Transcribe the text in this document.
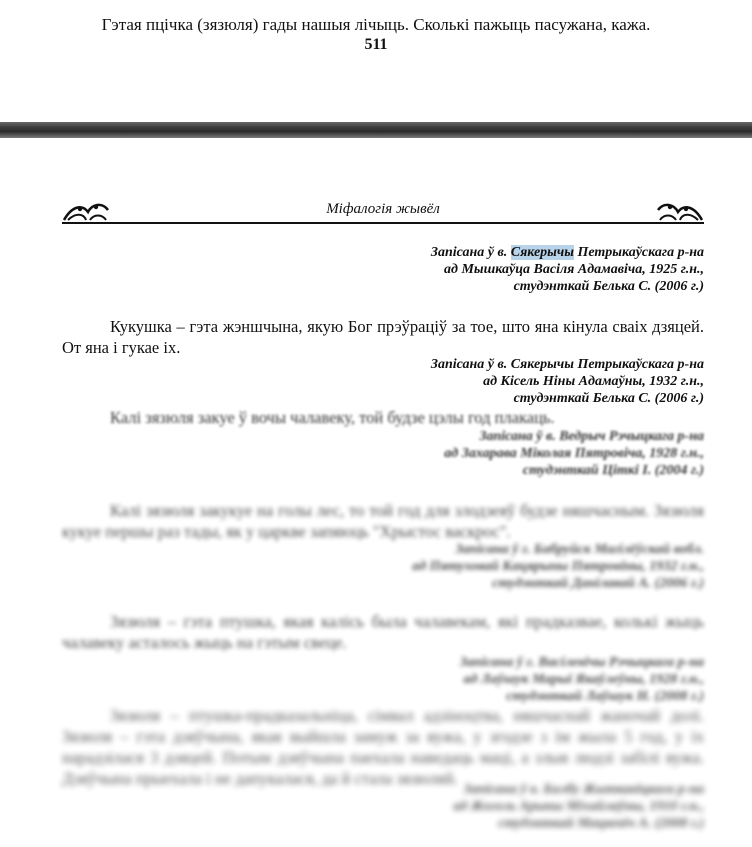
Гэтая пцічка (зязюля) гады нашыя лічыць. Сколькі пажыць пасужана, кажа.
511
Міфалогія жывёл
Запісана ў в. Сякерычы Петрыкаўскага р-на
ад Мышкаўца Васіля Адамавіча, 1925 г.н.,
студэнткай Белька С. (2006 г.)
Кукушка – гэта жэншчына, якую Бог прэўраціў за тое, што яна кінула сваіх дзяцей. От яна і гукае іх.
Запісана ў в. Сякерычы Петрыкаўскага р-на
ад Кісель Ніны Адамаўны, 1932 г.н.,
студэнткай Белька С. (2006 г.)
Калі зязюля закуе ў вочы чалавеку, той будзе цэлы год плакаць.
Запісана ў в. Ведрыч Рэчыцкага р-на
ад Захарава Міколая Пятровіча, 1928 г.н.,
студэнткай Ціткі I. (2004 г.)
Калі зязюля закукуе на голы лес, то той год для злодзеяў будзе няшчасным. Зязюля кукуе першы раз тады, як у царкве запяюць "Хрыстос васкрос".
Запісана ў г. Бабруйск Магілёўскай вобл.
ад Пятуховай Кацярыны Пятровіны, 1932 г.н.,
студэнткай Данілавай А. (2006 г.)
Зязюля – гэта птушка, якая калісь была чалавекам, які прадказвае, колькі жыць чалавеку асталось жыць на гэтым свеце.
Запісана ў г. Васілевічы Рэчыцкага р-на
ад Лаўшук Марыі Якаўлеўны, 1928 г.н.,
студэнткай Лаўшук Н. (2008 г.)
Зязюля – птушка-прадказальніца, сімвал адзіноцтва, няшчаснай жаночай долі. Зязюля – гэта дзяўчына, якая выйшла замуж за вужа, у згодзе з ім жыла 5 год, у іх нарадзілася 3 дзяцей. Потым дзяўчына паехала наведаць маці, а злыя людзі забілі вужа. Дзяўчына прыехала і не дапукалася, да й стала зязюляй.
Запісана ў в. Балбу Жыткавіцкага р-на
ад Жоголь Арыны Міхайлаўны, 1910 г.н.,
студэнткай Мацкевіч А. (2008 г.)
